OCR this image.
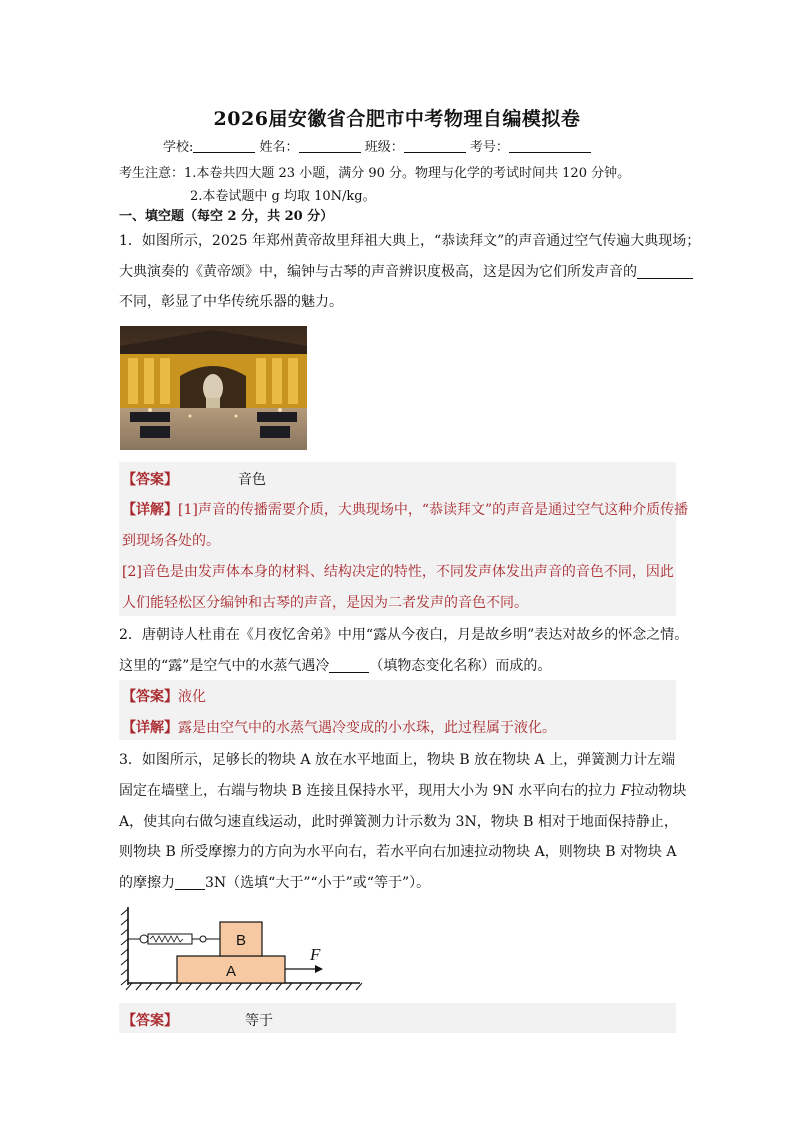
2026届安徽省合肥市中考物理自编模拟卷
学校:	姓名：	班级：	考号：
考生注意：1.本卷共四大题 23 小题，满分 90 分。物理与化学的考试时间共 120 分钟。
2.本卷试题中 g 均取 10N/kg。
一、填空题（每空 2 分，共 20 分）
1．如图所示，2025 年郑州黄帝故里拜祖大典上，“恭读拜文”的声音通过空气传遍大典现场；
大典演奏的《黄帝颂》中，编钟与古琴的声音辨识度极高，这是因为它们所发声音的
不同，彰显了中华传统乐器的魅力。
【答案】	音色
【详解】[1]声音的传播需要介质，大典现场中，“恭读拜文”的声音是通过空气这种介质传播
到现场各处的。
[2]音色是由发声体本身的材料、结构决定的特性，不同发声体发出声音的音色不同，因此
人们能轻松区分编钟和古琴的声音，是因为二者发声的音色不同。
2．唐朝诗人杜甫在《月夜忆舍弟》中用“露从今夜白，月是故乡明”表达对故乡的怀念之情。
这里的“露”是空气中的水蒸气遇冷	（填物态变化名称）而成的。
【答案】液化
【详解】露是由空气中的水蒸气遇冷变成的小水珠，此过程属于液化。
3．如图所示，足够长的物块 A 放在水平地面上，物块 B 放在物块 A 上，弹簧测力计左端
固定在墙壁上，右端与物块 B 连接且保持水平，现用大小为 9N 水平向右的拉力 F拉动物块
A，使其向右做匀速直线运动，此时弹簧测力计示数为 3N，物块 B 相对于地面保持静止，
则物块 B 所受摩擦力的方向为水平向右，若水平向右加速拉动物块 A，则物块 B 对物块 A
的摩擦力 3N（选填“大于”“小于”或“等于”）。
A
B
F
【答案】	等于
